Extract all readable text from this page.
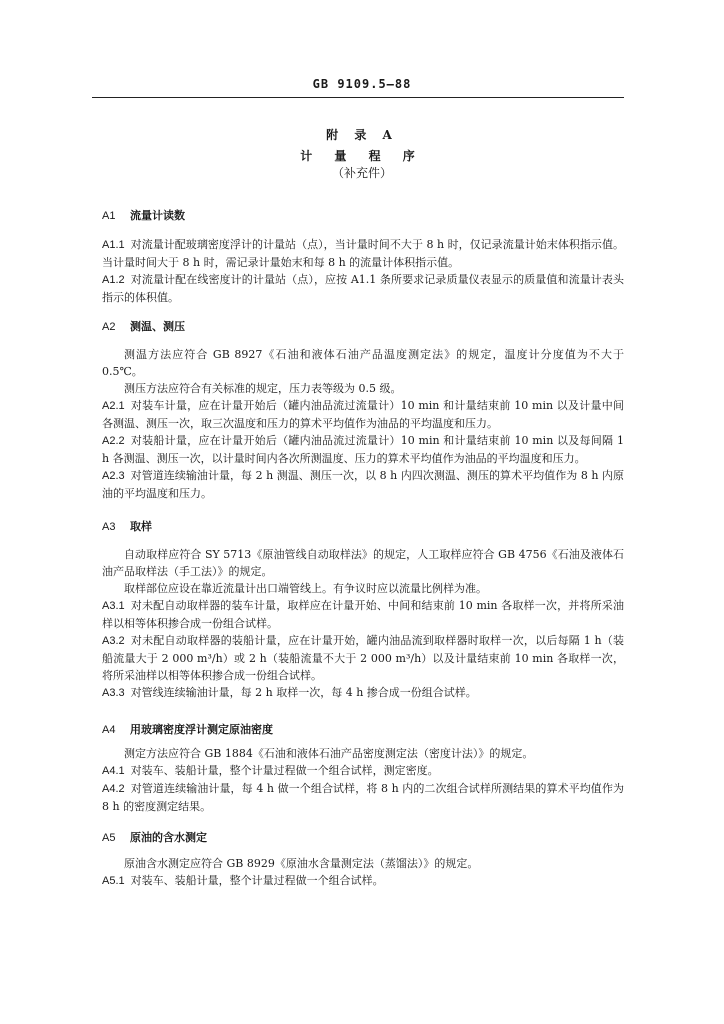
GB 9109.5—88
附 录 A
计 量 程 序
（补充件）
A1 流量计读数

A1.1 对流量计配玻璃密度浮计的计量站（点），当计量时间不大于 8 h 时，仅记录流量计始末体积指示值。当计量时间大于 8 h 时，需记录计量始末和每 8 h 的流量计体积指示值。

A1.2 对流量计配在线密度计的计量站（点），应按 A1.1 条所要求记录质量仪表显示的质量值和流量计表头指示的体积值。

A2 测温、测压

测温方法应符合 GB 8927《石油和液体石油产品温度测定法》的规定，温度计分度值为不大于 0.5℃。

测压方法应符合有关标准的规定，压力表等级为 0.5 级。

A2.1 对装车计量，应在计量开始后（罐内油品流过流量计）10 min 和计量结束前 10 min 以及计量中间各测温、测压一次，取三次温度和压力的算术平均值作为油品的平均温度和压力。

A2.2 对装船计量，应在计量开始后（罐内油品流过流量计）10 min 和计量结束前 10 min 以及每间隔 1 h 各测温、测压一次，以计量时间内各次所测温度、压力的算术平均值作为油品的平均温度和压力。

A2.3 对管道连续输油计量，每 2 h 测温、测压一次，以 8 h 内四次测温、测压的算术平均值作为 8 h 内原油的平均温度和压力。

A3 取样

自动取样应符合 SY 5713《原油管线自动取样法》的规定，人工取样应符合 GB 4756《石油及液体石油产品取样法（手工法）》的规定。

取样部位应设在靠近流量计出口端管线上。有争议时应以流量比例样为准。

A3.1 对未配自动取样器的装车计量，取样应在计量开始、中间和结束前 10 min 各取样一次，并将所采油样以相等体积掺合成一份组合试样。

A3.2 对未配自动取样器的装船计量，应在计量开始，罐内油品流到取样器时取样一次，以后每隔 1 h（装船流量大于 2 000 m³/h）或 2 h（装船流量不大于 2 000 m³/h）以及计量结束前 10 min 各取样一次，将所采油样以相等体积掺合成一份组合试样。

A3.3 对管线连续输油计量，每 2 h 取样一次，每 4 h 掺合成一份组合试样。

A4 用玻璃密度浮计测定原油密度

测定方法应符合 GB 1884《石油和液体石油产品密度测定法（密度计法）》的规定。

A4.1 对装车、装船计量，整个计量过程做一个组合试样，测定密度。

A4.2 对管道连续输油计量，每 4 h 做一个组合试样，将 8 h 内的二次组合试样所测结果的算术平均值作为 8 h 的密度测定结果。

A5 原油的含水测定

原油含水测定应符合 GB 8929《原油水含量测定法（蒸馏法）》的规定。

A5.1 对装车、装船计量，整个计量过程做一个组合试样。
